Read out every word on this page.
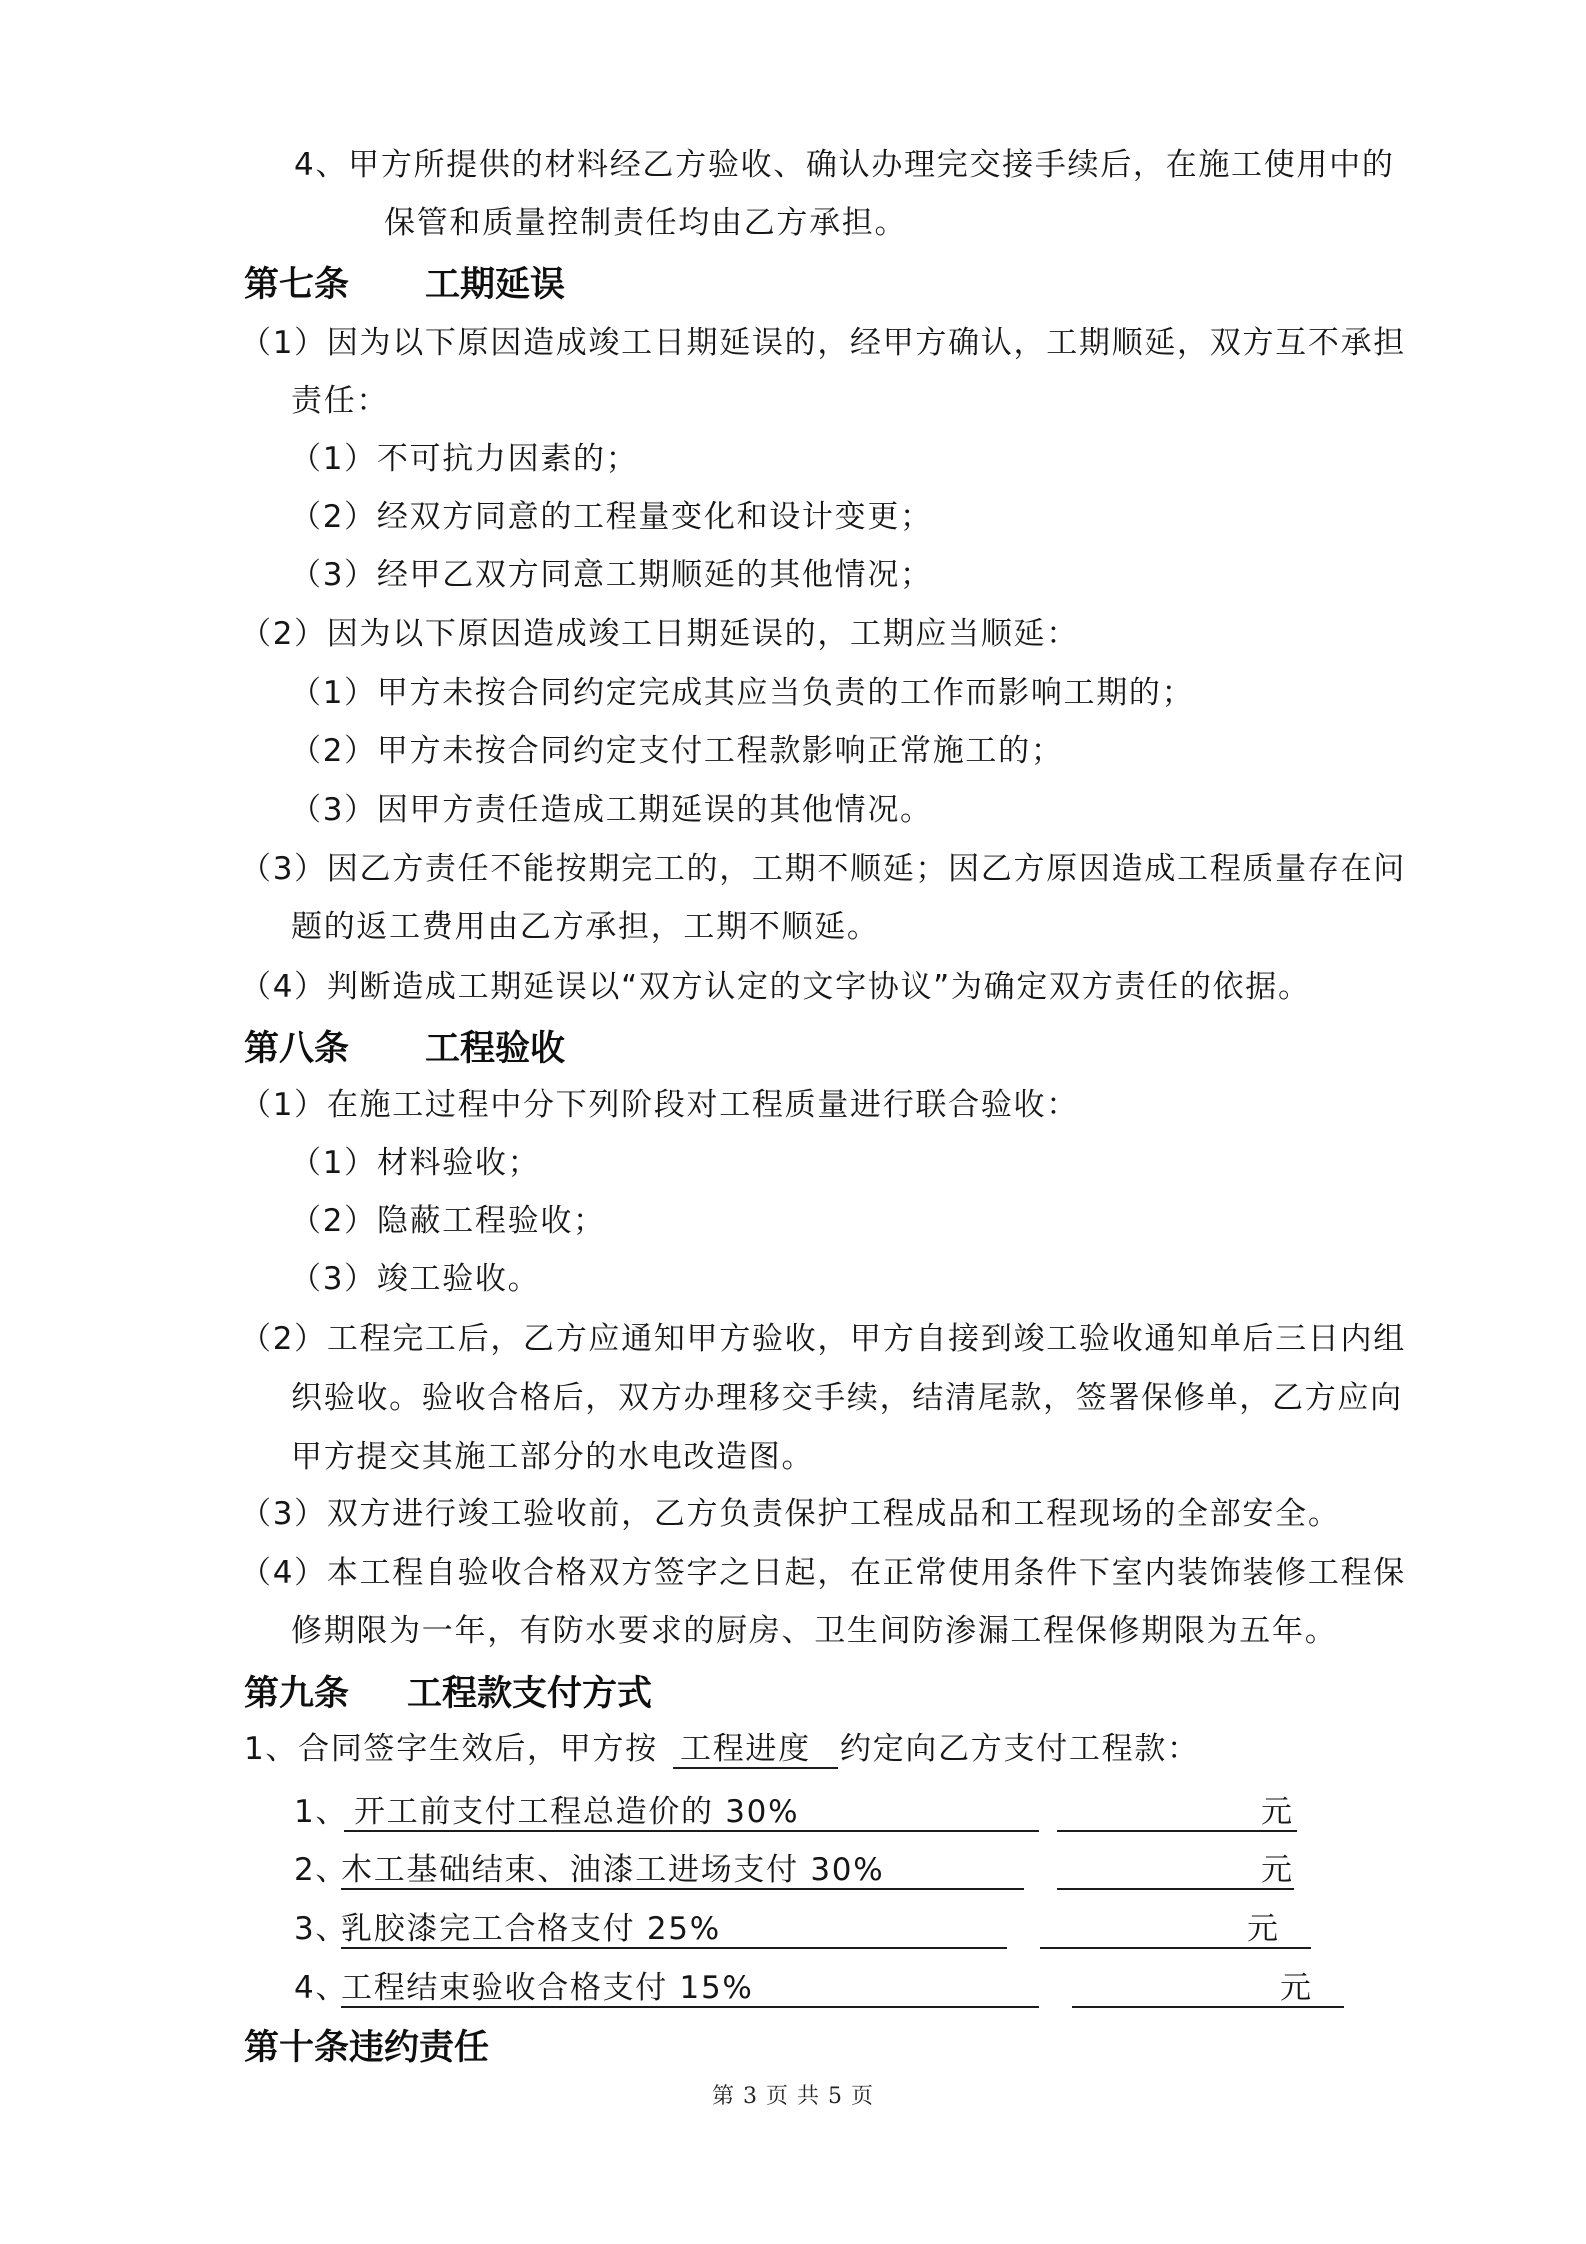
4、甲方所提供的材料经乙方验收、确认办理完交接手续后，在施工使用中的
保管和质量控制责任均由乙方承担。
第七条 工期延误
（1）因为以下原因造成竣工日期延误的，经甲方确认，工期顺延，双方互不承担
责任：
（1）不可抗力因素的；
（2）经双方同意的工程量变化和设计变更；
（3）经甲乙双方同意工期顺延的其他情况；
（2）因为以下原因造成竣工日期延误的，工期应当顺延：
（1）甲方未按合同约定完成其应当负责的工作而影响工期的；
（2）甲方未按合同约定支付工程款影响正常施工的；
（3）因甲方责任造成工期延误的其他情况。
（3）因乙方责任不能按期完工的，工期不顺延；因乙方原因造成工程质量存在问
题的返工费用由乙方承担，工期不顺延。
（4）判断造成工期延误以“双方认定的文字协议”为确定双方责任的依据。
第八条 工程验收
（1）在施工过程中分下列阶段对工程质量进行联合验收：
（1）材料验收；
（2）隐蔽工程验收；
（3）竣工验收。
（2）工程完工后，乙方应通知甲方验收，甲方自接到竣工验收通知单后三日内组
织验收。验收合格后，双方办理移交手续，结清尾款，签署保修单，乙方应向
甲方提交其施工部分的水电改造图。
（3）双方进行竣工验收前，乙方负责保护工程成品和工程现场的全部安全。
（4）本工程自验收合格双方签字之日起，在正常使用条件下室内装饰装修工程保
修期限为一年，有防水要求的厨房、卫生间防渗漏工程保修期限为五年。
第九条 工程款支付方式
1、合同签字生效后，甲方按 工程进度 约定向乙方支付工程款：
1、 开工前支付工程总造价的 30%	元
2、
木工基础结束、油漆工进场支付 30%	元
3、
乳胶漆完工合格支付 25%	元
4、
工程结束验收合格支付 15%	元
第十条违约责任
第 3 页 共 5 页
